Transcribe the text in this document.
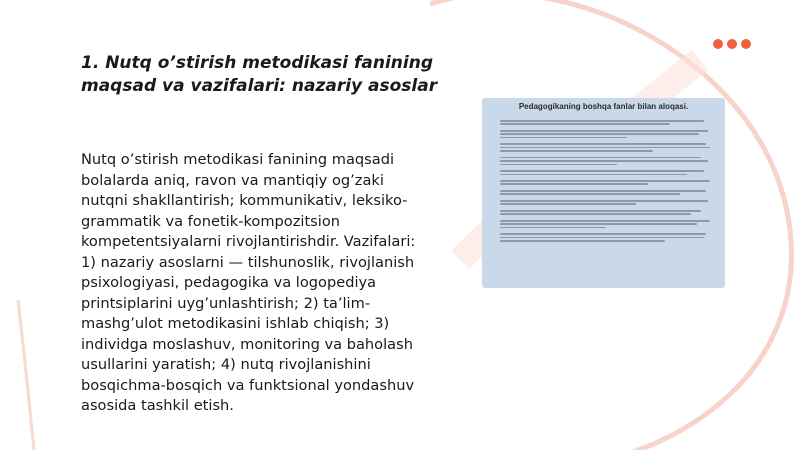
1. Nutq o’stirish metodikasi fanining maqsad va vazifalari: nazariy asoslar

Nutq o’stirish metodikasi fanining maqsadi bolalarda aniq, ravon va mantiqiy og’zaki nutqni shakllantirish; kommunikativ, leksiko-grammatik va fonetik-kompozitsion kompetentsiyalarni rivojlantirishdir. Vazifalari: 1) nazariy asoslarni — tilshunoslik, rivojlanish psixologiyasi, pedagogika va logopediya printsiplarini uyg’unlashtirish; 2) ta’lim-mashg’ulot metodikasini ishlab chiqish; 3) individga moslashuv, monitoring va baholash usullarini yaratish; 4) nutq rivojlanishini bosqichma-bosqich va funktsional yondashuv asosida tashkil etish.

Pedagogikaning boshqa fanlar bilan aloqasi.
